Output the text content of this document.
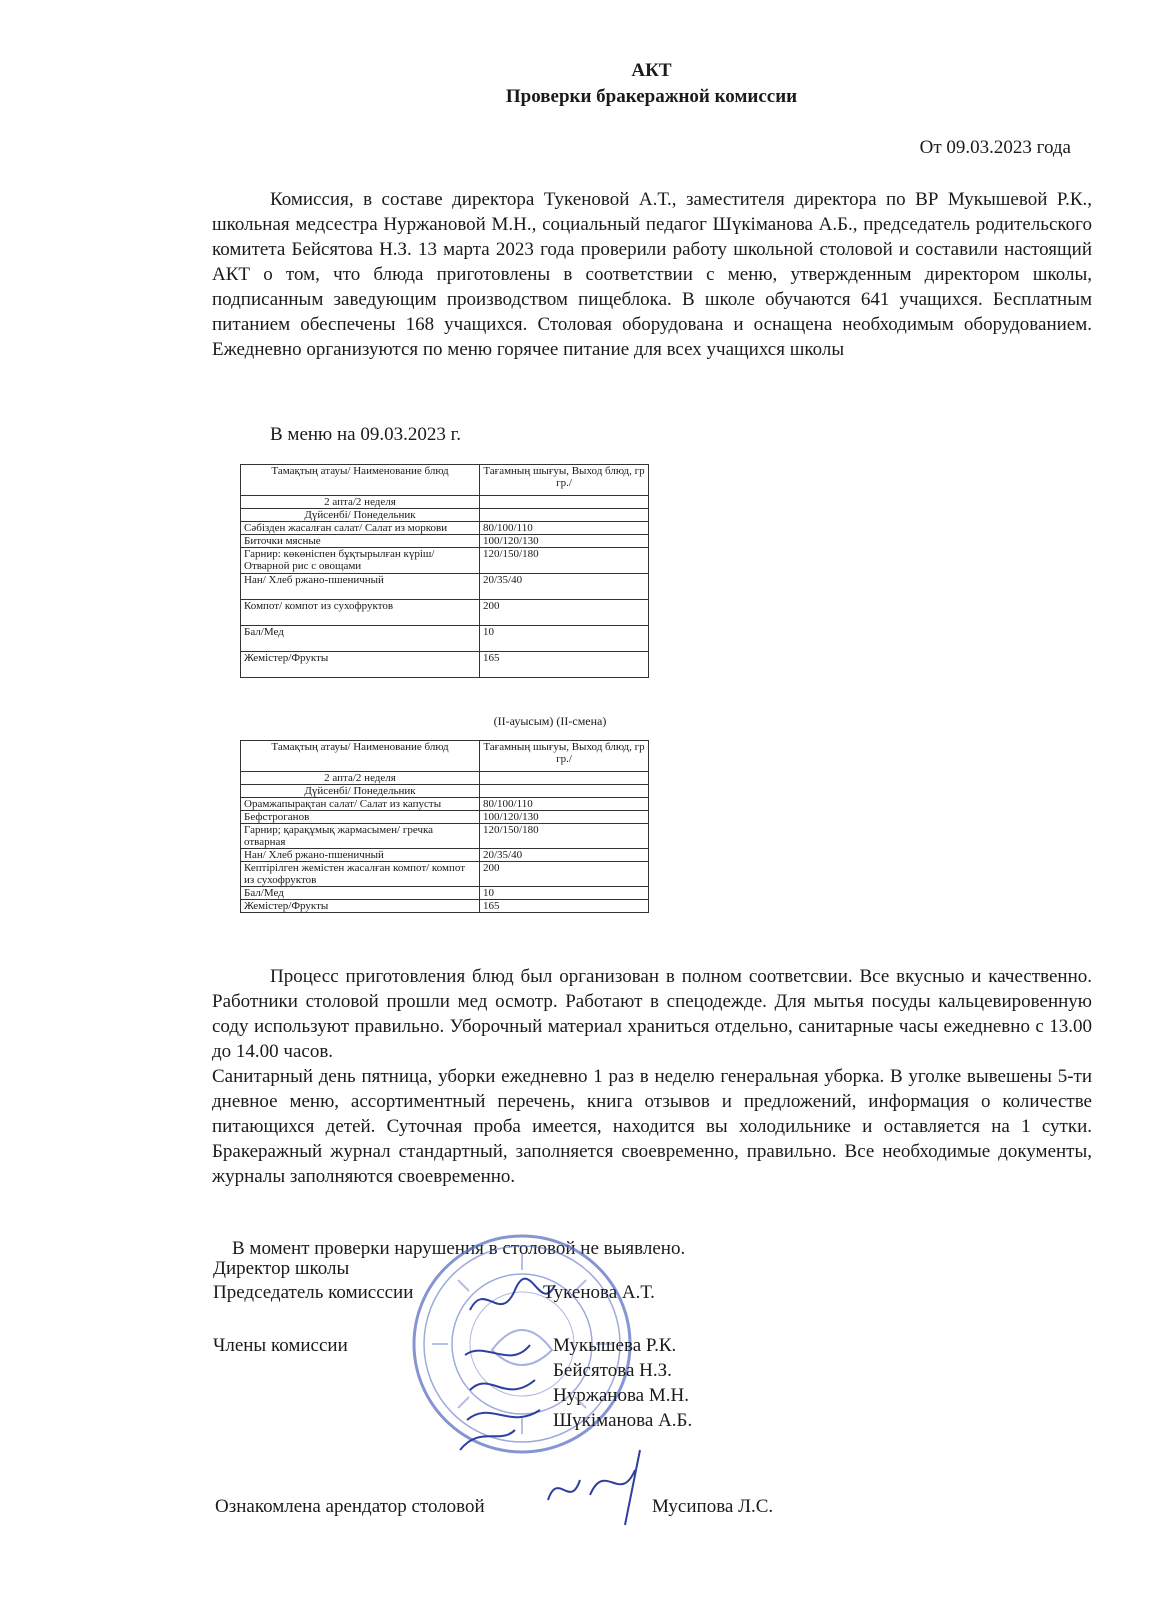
АКТ
Проверки бракеражной комиссии
От 09.03.2023 года

Комиссия, в составе директора Тукеновой А.Т., заместителя директора по ВР Мукышевой Р.К., школьная медсестра Нуржановой М.Н., социальный педагог Шүкіманова А.Б., председатель родительского комитета Бейсятова Н.З. 13 марта 2023 года проверили работу школьной столовой и составили настоящий АКТ о том, что блюда приготовлены в соответствии с меню, утвержденным директором школы, подписанным заведующим производством пищеблока. В школе обучаются 641 учащихся. Бесплатным питанием обеспечены 168 учащихся. Столовая оборудована и оснащена необходимым оборудованием. Ежедневно организуются по меню горячее питание для всех учащихся школы

В меню на 09.03.2023 г.
Тамақтың атауы/ Наименование блюд	Тағамның шығуы, Выход блюд, гр гр./
2 апта/2 неделя	
Дүйсенбі/ Понедельник	
Сәбізден жасалған салат/ Салат из моркови	80/100/110
Биточки мясные	100/120/130
Гарнир: көкөніспен бұқтырылған күріш/Отварной рис с овощами	120/150/180
Нан/ Хлеб ржано-пшеничный	20/35/40
Компот/ компот из сухофруктов	200
Бал/Мед	10
Жемістер/Фрукты	165
(ІІ-ауысым) (ІІ-смена)
Тамақтың атауы/ Наименование блюд	Тағамның шығуы, Выход блюд, гр гр./
2 апта/2 неделя	
Дүйсенбі/ Понедельник	
Орамжапырақтан салат/ Салат из капусты	80/100/110
Бефстроганов	100/120/130
Гарнир; қарақұмық жармасымен/ гречка отварная	120/150/180
Нан/ Хлеб ржано-пшеничный	20/35/40
Кептірілген жемістен жасалған компот/ компот из сухофруктов	200
Бал/Мед	10
Жемістер/Фрукты	165

Процесс приготовления блюд был организован в полном соответсвии. Все вкусныо и качественно. Работники столовой прошли мед осмотр. Работают в спецодежде. Для мытья посуды кальцевировенную соду используют правильно. Уборочный материал храниться отдельно, санитарные часы ежедневно с 13.00 до 14.00 часов.

Санитарный день пятница, уборки ежедневно 1 раз в неделю генеральная уборка. В уголке вывешены 5-ти дневное меню, ассортиментный перечень, книга отзывов и предложений, информация о количестве питающихся детей. Суточная проба имеется, находится вы холодильнике и оставляется на 1 сутки. Бракеражный журнал стандартный, заполняется своевременно, правильно. Все необходимые документы, журналы заполняются своевременно.

В момент проверки нарушения в столовой не выявлено.

Директор школы
Председатель комисссии	Тукенова А.Т.
Члены комиссии	Мукышева Р.К.
Бейсятова Н.З.
Нуржанова М.Н.
Шүкіманова А.Б.
Ознакомлена арендатор столовой	Мусипова Л.С.
